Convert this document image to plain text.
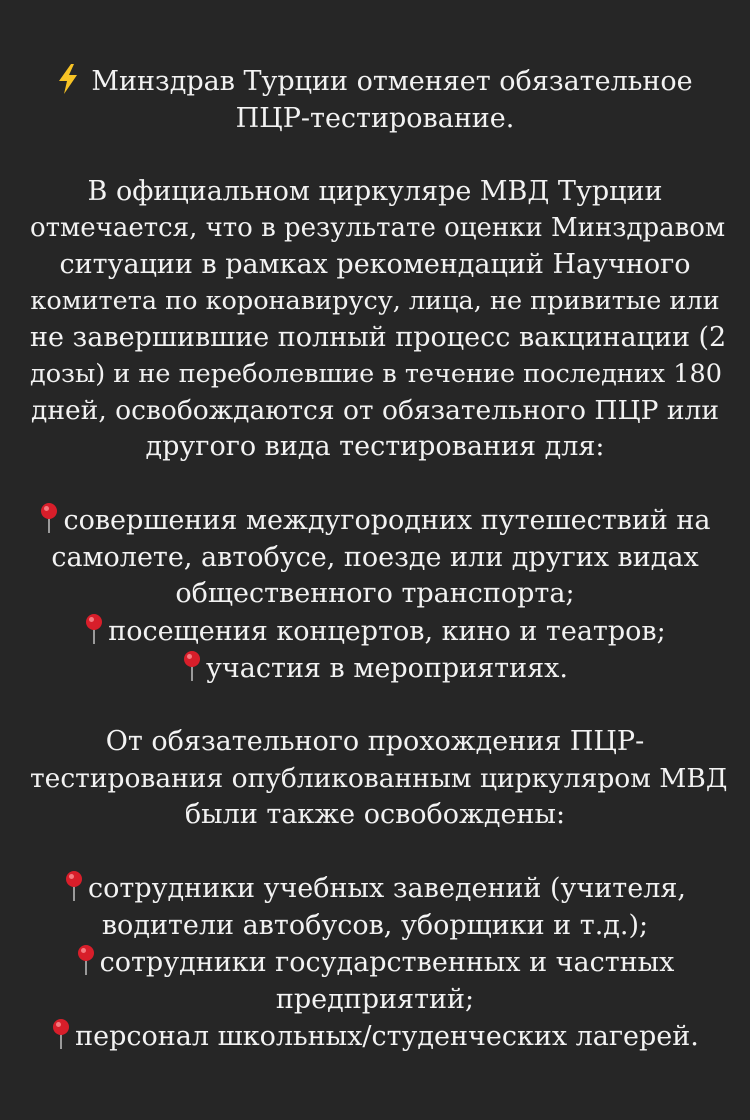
Минздрав Турции отменяет обязательное
ПЦР-тестирование.

В официальном циркуляре МВД Турции
отмечается, что в результате оценки Минздравом
ситуации в рамках рекомендаций Научного
комитета по коронавирусу, лица, не привитые или
не завершившие полный процесс вакцинации (2
дозы) и не переболевшие в течение последних 180
дней, освобождаются от обязательного ПЦР или
другого вида тестирования для:

совершения междугородних путешествий на
самолете, автобусе, поезде или других видах
общественного транспорта;
посещения концертов, кино и театров;
участия в мероприятиях.

От обязательного прохождения ПЦР-
тестирования опубликованным циркуляром МВД
были также освобождены:

сотрудники учебных заведений (учителя,
водители автобусов, уборщики и т.д.);
сотрудники государственных и частных
предприятий;
персонал школьных/студенческих лагерей.
